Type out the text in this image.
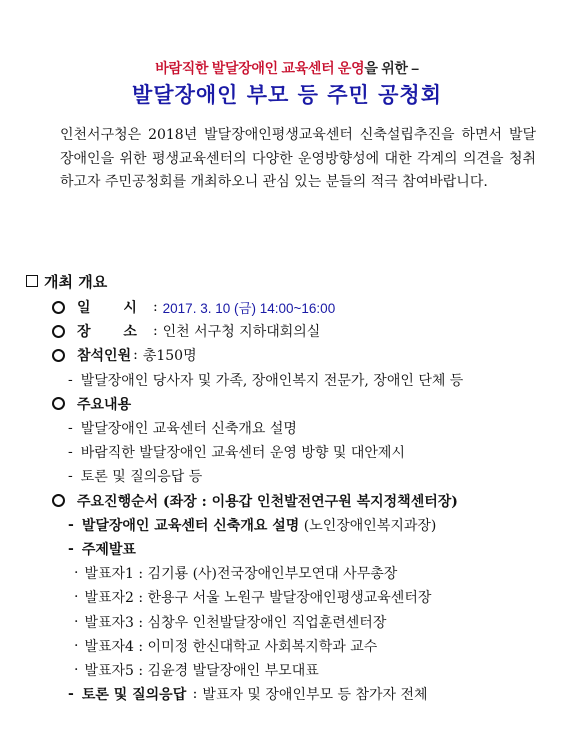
바람직한 발달장애인 교육센터 운영을 위한 –
발달장애인 부모 등 주민 공청회
인천서구청은 2018년 발달장애인평생교육센터 신축설립추진을 하면서 발달장애인을 위한 평생교육센터의 다양한 운영방향성에 대한 각계의 의견을 청취하고자 주민공청회를 개최하오니 관심 있는 분들의 적극 참여바랍니다.
개최 개요
일 시 : 2017. 3. 10 (금) 14:00~16:00
장 소 : 인천 서구청 지하대회의실
참석인원 : 총150명
- 발달장애인 당사자 및 가족, 장애인복지 전문가, 장애인 단체 등
주요내용
- 발달장애인 교육센터 신축개요 설명
- 바람직한 발달장애인 교육센터 운영 방향 및 대안제시
- 토론 및 질의응답 등
주요진행순서 (좌장 : 이용갑 인천발전연구원 복지정책센터장)
- 발달장애인 교육센터 신축개요 설명
(노인장애인복지과장)
- 주제발표
· 발표자1 : 김기룡 (사)전국장애인부모연대 사무총장
· 발표자2 : 한용구 서울 노원구 발달장애인평생교육센터장
· 발표자3 : 심창우 인천발달장애인 직업훈련센터장
· 발표자4 : 이미정 한신대학교 사회복지학과 교수
· 발표자5 : 김윤경 발달장애인 부모대표
- 토론 및 질의응답 : 발표자 및 장애인부모 등 참가자 전체
